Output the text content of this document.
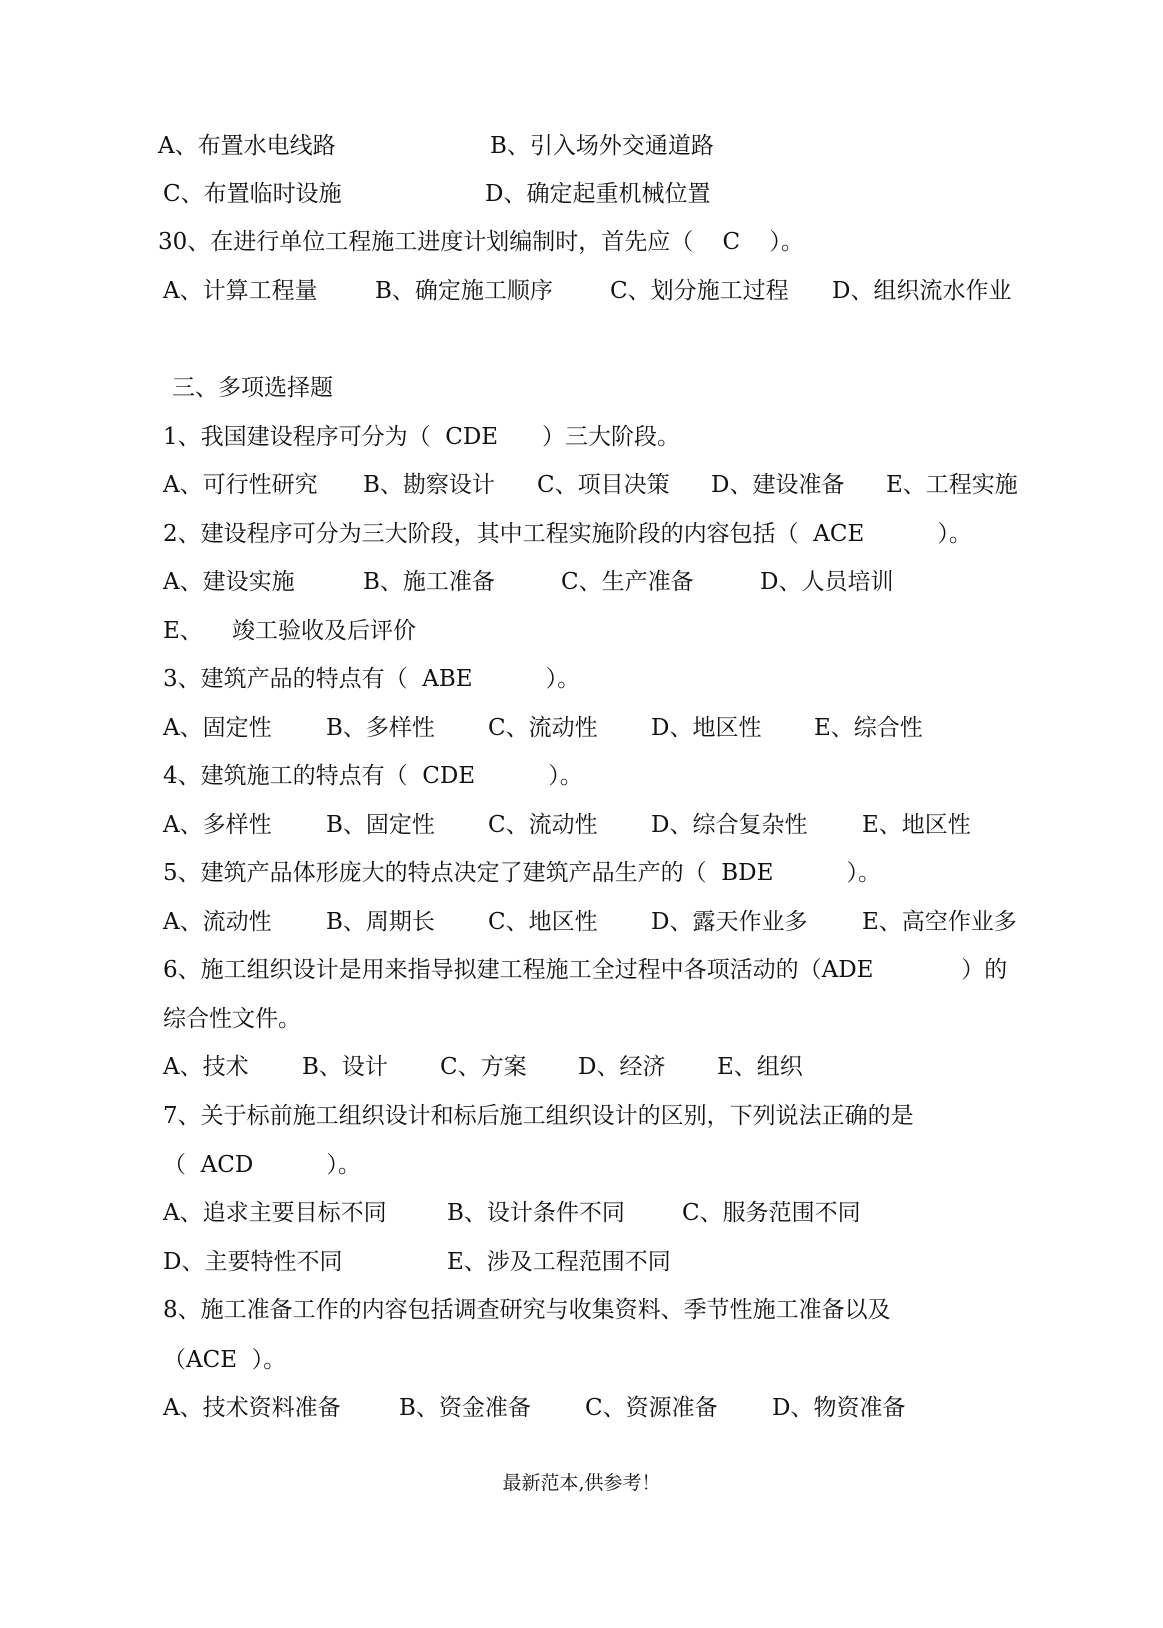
A、布置水电线路

	B、引入场外交通道路

C、布置临时设施

	D、确定起重机械位置

30、在进行单位工程施工进度计划编制时，首先应（    C    ）。

A、计算工程量

B、确定施工顺序

C、划分施工过程

D、组织流水作业

三、多项选择题

1、我国建设程序可分为（  CDE      ）三大阶段。

A、可行性研究

B、勘察设计

C、项目决策

D、建设准备

E、工程实施

2、建设程序可分为三大阶段，其中工程实施阶段的内容包括（  ACE          ）。

A、建设实施

	B、施工准备

	C、生产准备

	D、人员培训

E、    竣工验收及后评价

3、建筑产品的特点有（  ABE          ）。

A、固定性

B、多样性

C、流动性

D、地区性

E、综合性

4、建筑施工的特点有（  CDE          ）。

A、多样性

B、固定性

C、流动性

D、综合复杂性

E、地区性

5、建筑产品体形庞大的特点决定了建筑产品生产的（  BDE          ）。

A、流动性

B、周期长

C、地区性

D、露天作业多

E、高空作业多

6、施工组织设计是用来指导拟建工程施工全过程中各项活动的（ADE            ）的

综合性文件。

A、技术

B、设计

C、方案

D、经济

E、组织

7、关于标前施工组织设计和标后施工组织设计的区别，下列说法正确的是

（  ACD          ）。

A、追求主要目标不同

	B、设计条件不同

C、服务范围不同

D、主要特性不同

	E、涉及工程范围不同

8、施工准备工作的内容包括调查研究与收集资料、季节性施工准备以及

（ACE  ）。

A、技术资料准备

	B、资金准备

C、资源准备

D、物资准备

最新范本,供参考！
